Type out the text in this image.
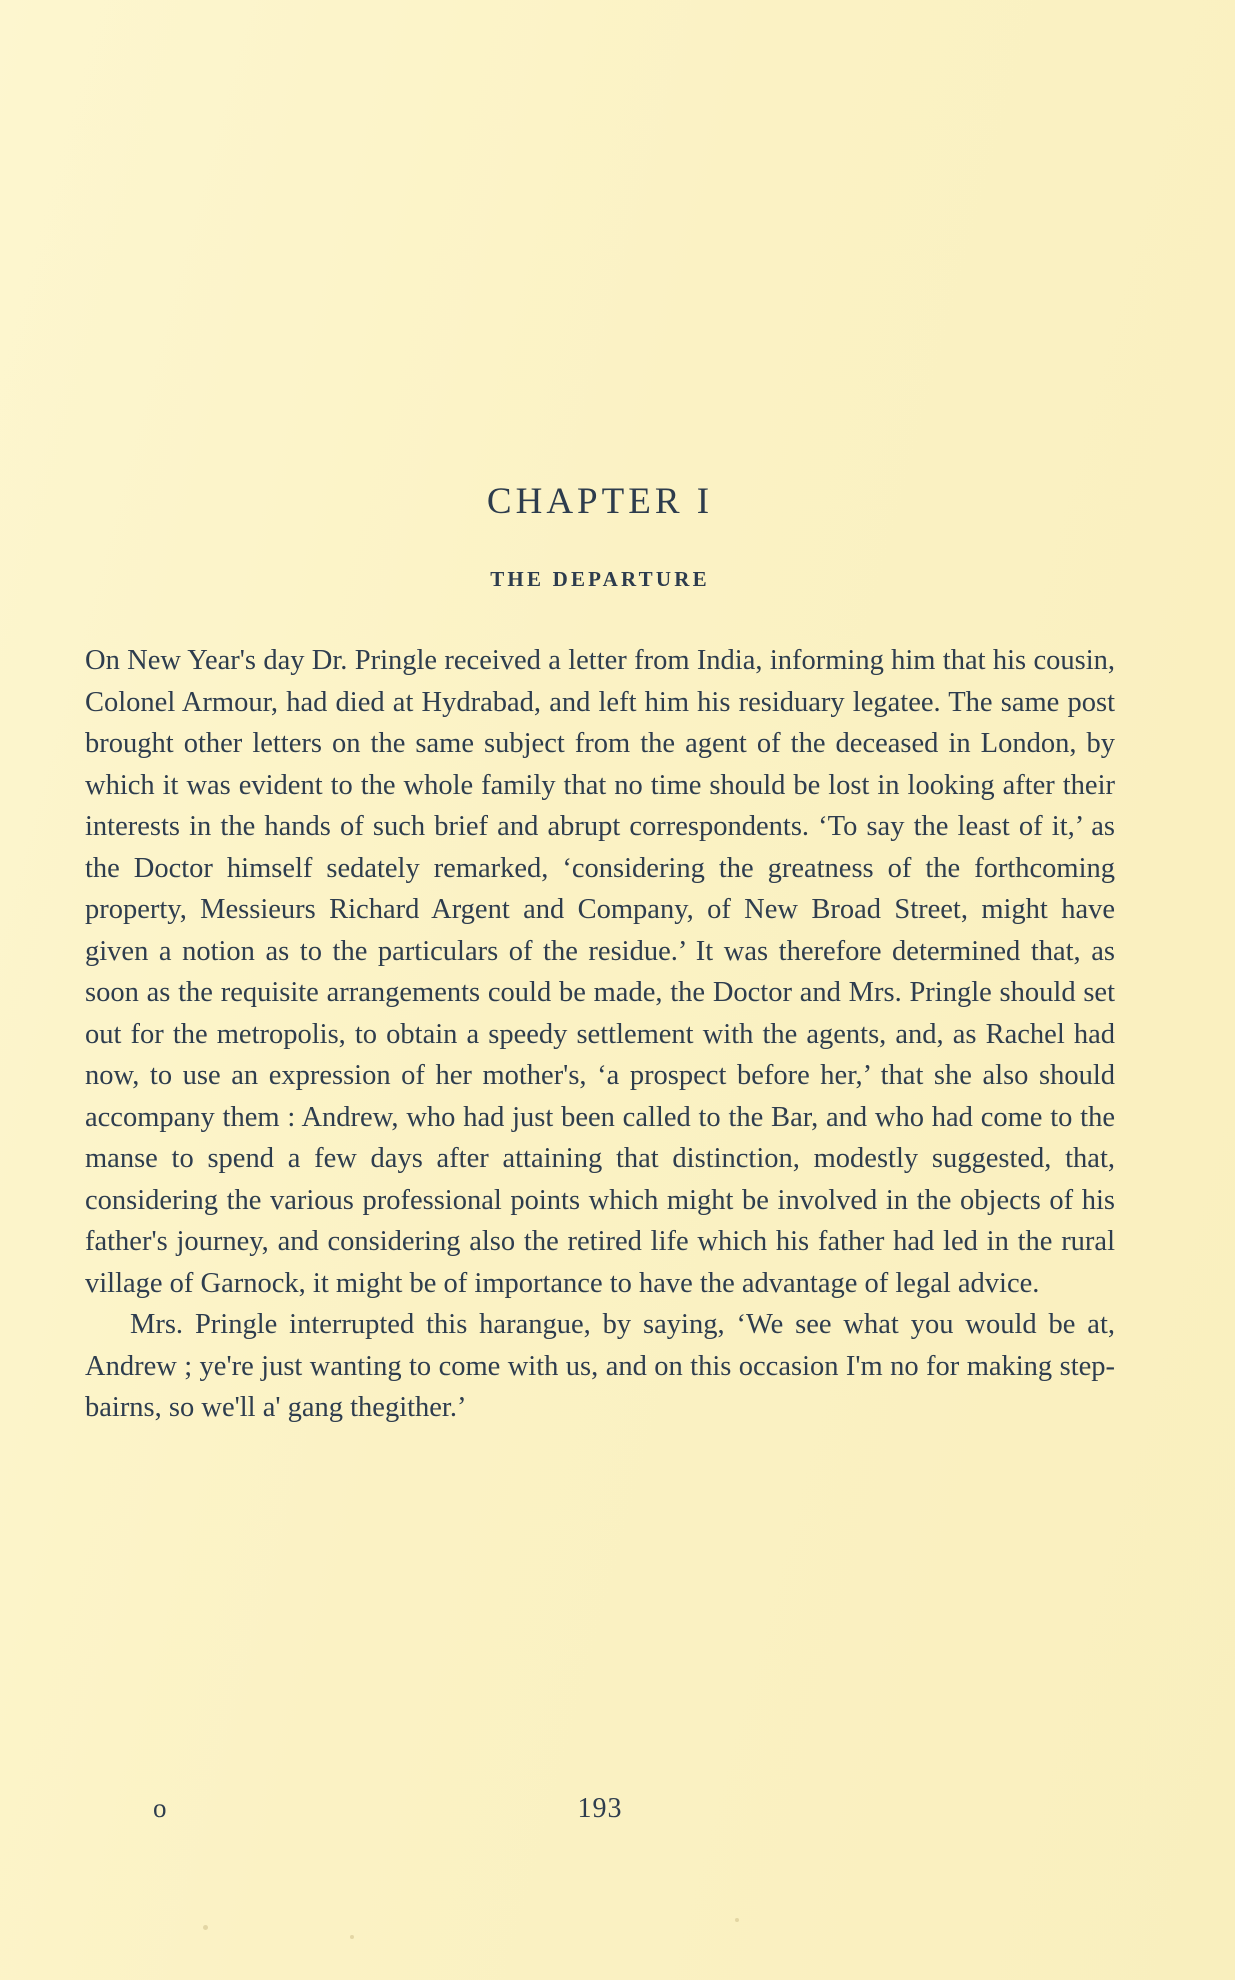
CHAPTER I
THE DEPARTURE

On New Year's day Dr. Pringle received a letter from India, informing him that his cousin, Colonel Armour, had died at Hydrabad, and left him his residuary legatee. The same post brought other letters on the same subject from the agent of the deceased in London, by which it was evident to the whole family that no time should be lost in looking after their interests in the hands of such brief and abrupt correspondents. ‘To say the least of it,’ as the Doctor himself sedately remarked, ‘considering the greatness of the forthcoming property, Messieurs Richard Argent and Company, of New Broad Street, might have given a notion as to the particulars of the residue.’ It was therefore determined that, as soon as the requisite arrangements could be made, the Doctor and Mrs. Pringle should set out for the metropolis, to obtain a speedy settlement with the agents, and, as Rachel had now, to use an expression of her mother's, ‘a prospect before her,’ that she also should accompany them : Andrew, who had just been called to the Bar, and who had come to the manse to spend a few days after attaining that distinction, modestly suggested, that, considering the various professional points which might be involved in the objects of his father's journey, and considering also the retired life which his father had led in the rural village of Garnock, it might be of importance to have the advantage of legal advice.

Mrs. Pringle interrupted this harangue, by saying, ‘We see what you would be at, Andrew ; ye're just wanting to come with us, and on this occasion I'm no for making step-bairns, so we'll a' gang thegither.’

o	193
